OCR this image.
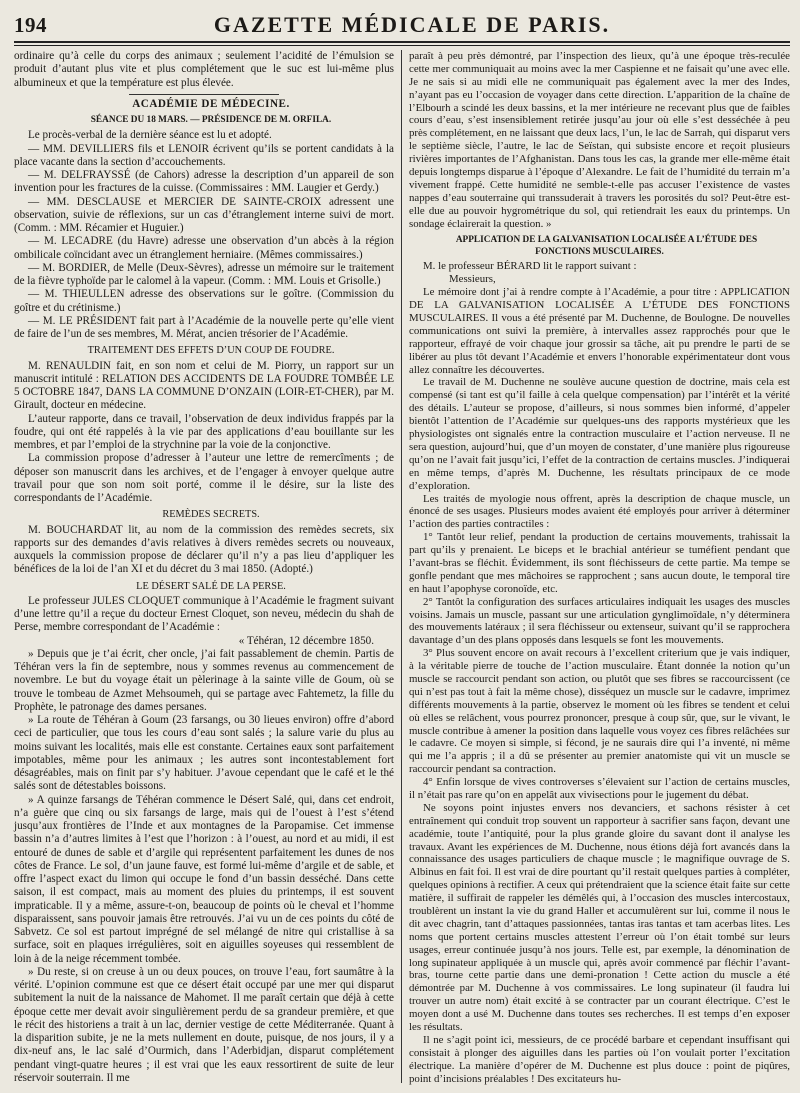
194	GAZETTE MÉDICALE DE PARIS.

ordinaire qu’à celle du corps des animaux ; seulement l’acidité de l’émulsion se produit d’autant plus vite et plus complétement que le suc est lui-même plus albumineux et que la température est plus élevée.

ACADÉMIE DE MÉDECINE.

SÉANCE DU 18 MARS. — PRÉSIDENCE DE M. ORFILA.

Le procès-verbal de la dernière séance est lu et adopté.

— MM. DEVILLIERS fils et LENOIR écrivent qu’ils se portent candidats à la place vacante dans la section d’accouchements.

— M. DELFRAYSSÉ (de Cahors) adresse la description d’un appareil de son invention pour les fractures de la cuisse. (Commissaires : MM. Laugier et Gerdy.)

— MM. DESCLAUSE et MERCIER DE SAINTE-CROIX adressent une observation, suivie de réflexions, sur un cas d’étranglement interne suivi de mort. (Comm. : MM. Récamier et Huguier.)

— M. LECADRE (du Havre) adresse une observation d’un abcès à la région ombilicale coïncidant avec un étranglement herniaire. (Mêmes commissaires.)

— M. BORDIER, de Melle (Deux-Sèvres), adresse un mémoire sur le traitement de la fièvre typhoïde par le calomel à la vapeur. (Comm. : MM. Louis et Grisolle.)

— M. THIEULLEN adresse des observations sur le goître. (Commission du goître et du crétinisme.)

— M. LE PRÉSIDENT fait part à l’Académie de la nouvelle perte qu’elle vient de faire de l’un de ses membres, M. Mérat, ancien trésorier de l’Académie.

TRAITEMENT DES EFFETS D’UN COUP DE FOUDRE.

M. RENAULDIN fait, en son nom et celui de M. Piorry, un rapport sur un manuscrit intitulé : RELATION DES ACCIDENTS DE LA FOUDRE TOMBÉE LE 5 OCTOBRE 1847, DANS LA COMMUNE D’ONZAIN (LOIR-ET-CHER), par M. Girault, docteur en médecine.

L’auteur rapporte, dans ce travail, l’observation de deux individus frappés par la foudre, qui ont été rappelés à la vie par des applications d’eau bouillante sur les membres, et par l’emploi de la strychnine par la voie de la conjonctive.

La commission propose d’adresser à l’auteur une lettre de remercîments ; de déposer son manuscrit dans les archives, et de l’engager à envoyer quelque autre travail pour que son nom soit porté, comme il le désire, sur la liste des correspondants de l’Académie.

REMÈDES SECRETS.

M. BOUCHARDAT lit, au nom de la commission des remèdes secrets, six rapports sur des demandes d’avis relatives à divers remèdes secrets ou nouveaux, auxquels la commission propose de déclarer qu’il n’y a pas lieu d’appliquer les bénéfices de la loi de l’an XI et du décret du 3 mai 1850. (Adopté.)

LE DÉSERT SALÉ DE LA PERSE.

Le professeur JULES CLOQUET communique à l’Académie le fragment suivant d’une lettre qu’il a reçue du docteur Ernest Cloquet, son neveu, médecin du shah de Perse, membre correspondant de l’Académie :

« Téhéran, 12 décembre 1850.

» Depuis que je t’ai écrit, cher oncle, j’ai fait passablement de chemin. Partis de Téhéran vers la fin de septembre, nous y sommes revenus au commencement de novembre. Le but du voyage était un pèlerinage à la sainte ville de Goum, où se trouve le tombeau de Azmet Mehsoumeh, qui se partage avec Fahtemetz, la fille du Prophète, le patronage des dames persanes.

» La route de Téhéran à Goum (23 farsangs, ou 30 lieues environ) offre d’abord ceci de particulier, que tous les cours d’eau sont salés ; la salure varie du plus au moins suivant les localités, mais elle est constante. Certaines eaux sont parfaitement impotables, même pour les animaux ; les autres sont incontestablement fort désagréables, mais on finit par s’y habituer. J’avoue cependant que le café et le thé salés sont de détestables boissons.

» A quinze farsangs de Téhéran commence le Désert Salé, qui, dans cet endroit, n’a guère que cinq ou six farsangs de large, mais qui de l’ouest à l’est s’étend jusqu’aux frontières de l’Inde et aux montagnes de la Paropamise. Cet immense bassin n’a d’autres limites à l’est que l’horizon : à l’ouest, au nord et au midi, il est entouré de dunes de sable et d’argile qui représentent parfaitement les dunes de nos côtes de France. Le sol, d’un jaune fauve, est formé lui-même d’argile et de sable, et offre l’aspect exact du limon qui occupe le fond d’un bassin desséché. Dans cette saison, il est compact, mais au moment des pluies du printemps, il est souvent impraticable. Il y a même, assure-t-on, beaucoup de points où le cheval et l’homme disparaissent, sans pouvoir jamais être retrouvés. J’ai vu un de ces points du côté de Sabvetz. Ce sol est partout imprégné de sel mélangé de nitre qui cristallise à sa surface, soit en plaques irrégulières, soit en aiguilles soyeuses qui ressemblent de loin à de la neige récemment tombée.

» Du reste, si on creuse à un ou deux pouces, on trouve l’eau, fort saumâtre à la vérité. L’opinion commune est que ce désert était occupé par une mer qui disparut subitement la nuit de la naissance de Mahomet. Il me paraît certain que déjà à cette époque cette mer devait avoir singulièrement perdu de sa grandeur première, et que le récit des historiens a trait à un lac, dernier vestige de cette Méditerranée. Quant à la disparition subite, je ne la mets nullement en doute, puisque, de nos jours, il y a dix-neuf ans, le lac salé d’Ourmich, dans l’Aderbidjan, disparut complétement pendant vingt-quatre heures ; il est vrai que les eaux ressortirent de suite de leur réservoir souterrain. Il me

paraît à peu près démontré, par l’inspection des lieux, qu’à une époque très-reculée cette mer communiquait au moins avec la mer Caspienne et ne faisait qu’une avec elle. Je ne sais si au midi elle ne communiquait pas également avec la mer des Indes, n’ayant pas eu l’occasion de voyager dans cette direction. L’apparition de la chaîne de l’Elbourh a scindé les deux bassins, et la mer intérieure ne recevant plus que de faibles cours d’eau, s’est insensiblement retirée jusqu’au jour où elle s’est desséchée à peu près complétement, en ne laissant que deux lacs, l’un, le lac de Sarrah, qui disparut vers le septième siècle, l’autre, le lac de Seïstan, qui subsiste encore et reçoit plusieurs rivières importantes de l’Afghanistan. Dans tous les cas, la grande mer elle-même était depuis longtemps disparue à l’époque d’Alexandre. Le fait de l’humidité du terrain m’a vivement frappé. Cette humidité ne semble-t-elle pas accuser l’existence de vastes nappes d’eau souterraine qui transsuderait à travers les porosités du sol? Peut-être est-elle due au pouvoir hygrométrique du sol, qui retiendrait les eaux du printemps. Un sondage éclairerait la question. »

APPLICATION DE LA GALVANISATION LOCALISÉE A L’ÉTUDE DES FONCTIONS MUSCULAIRES.

M. le professeur BÉRARD lit le rapport suivant :

Messieurs,

Le mémoire dont j’ai à rendre compte à l’Académie, a pour titre : APPLICATION DE LA GALVANISATION LOCALISÉE A L’ÉTUDE DES FONCTIONS MUSCULAIRES. Il vous a été présenté par M. Duchenne, de Boulogne. De nouvelles communications ont suivi la première, à intervalles assez rapprochés pour que le rapporteur, effrayé de voir chaque jour grossir sa tâche, ait pu prendre le parti de se libérer au plus tôt devant l’Académie et envers l’honorable expérimentateur dont vous allez connaître les découvertes.

Le travail de M. Duchenne ne soulève aucune question de doctrine, mais cela est compensé (si tant est qu’il faille à cela quelque compensation) par l’intérêt et la vérité des détails. L’auteur se propose, d’ailleurs, si nous sommes bien informé, d’appeler bientôt l’attention de l’Académie sur quelques-uns des rapports mystérieux que les physiologistes ont signalés entre la contraction musculaire et l’action nerveuse. Il ne sera question, aujourd’hui, que d’un moyen de constater, d’une manière plus rigoureuse qu’on ne l’avait fait jusqu’ici, l’effet de la contraction de certains muscles. J’indiquerai en même temps, d’après M. Duchenne, les résultats principaux de ce mode d’exploration.

Les traités de myologie nous offrent, après la description de chaque muscle, un énoncé de ses usages. Plusieurs modes avaient été employés pour arriver à déterminer l’action des parties contractiles :

1° Tantôt leur relief, pendant la production de certains mouvements, trahissait la part qu’ils y prenaient. Le biceps et le brachial antérieur se tuméfient pendant que l’avant-bras se fléchit. Évidemment, ils sont fléchisseurs de cette partie. Ma tempe se gonfle pendant que mes mâchoires se rapprochent ; sans aucun doute, le temporal tire en haut l’apophyse coronoïde, etc.

2° Tantôt la configuration des surfaces articulaires indiquait les usages des muscles voisins. Jamais un muscle, passant sur une articulation gynglimoïdale, n’y déterminera des mouvements latéraux ; il sera fléchisseur ou extenseur, suivant qu’il se rapprochera davantage d’un des plans opposés dans lesquels se font les mouvements.

3° Plus souvent encore on avait recours à l’excellent criterium que je vais indiquer, à la véritable pierre de touche de l’action musculaire. Étant donnée la notion qu’un muscle se raccourcit pendant son action, ou plutôt que ses fibres se raccourcissent (ce qui n’est pas tout à fait la même chose), disséquez un muscle sur le cadavre, imprimez différents mouvements à la partie, observez le moment où les fibres se tendent et celui où elles se relâchent, vous pourrez prononcer, presque à coup sûr, que, sur le vivant, le muscle contribue à amener la position dans laquelle vous voyez ces fibres relâchées sur le cadavre. Ce moyen si simple, si fécond, je ne saurais dire qui l’a inventé, ni même qui me l’a appris ; il a dû se présenter au premier anatomiste qui vit un muscle se raccourcir pendant sa contraction.

4° Enfin lorsque de vives controverses s’élevaient sur l’action de certains muscles, il n’était pas rare qu’on en appelât aux vivisections pour le jugement du débat.

Ne soyons point injustes envers nos devanciers, et sachons résister à cet entraînement qui conduit trop souvent un rapporteur à sacrifier sans façon, devant une académie, toute l’antiquité, pour la plus grande gloire du savant dont il analyse les travaux. Avant les expériences de M. Duchenne, nous étions déjà fort avancés dans la connaissance des usages particuliers de chaque muscle ; le magnifique ouvrage de S. Albinus en fait foi. Il est vrai de dire pourtant qu’il restait quelques parties à compléter, quelques opinions à rectifier. A ceux qui prétendraient que la science était faite sur cette matière, il suffirait de rappeler les démêlés qui, à l’occasion des muscles intercostaux, troublèrent un instant la vie du grand Haller et accumulèrent sur lui, comme il nous le dit avec chagrin, tant d’attaques passionnées, tantas iras tantas et tam acerbas lites. Les noms que portent certains muscles attestent l’erreur où l’on était tombé sur leurs usages, erreur continuée jusqu’à nos jours. Telle est, par exemple, la dénomination de long supinateur appliquée à un muscle qui, après avoir commencé par fléchir l’avant-bras, tourne cette partie dans une demi-pronation ! Cette action du muscle a été démontrée par M. Duchenne à vos commissaires. Le long supinateur (il faudra lui trouver un autre nom) était excité à se contracter par un courant électrique. C’est le moyen dont a usé M. Duchenne dans toutes ses recherches. Il est temps d’en exposer les résultats.

Il ne s’agit point ici, messieurs, de ce procédé barbare et cependant insuffisant qui consistait à plonger des aiguilles dans les parties où l’on voulait porter l’excitation électrique. La manière d’opérer de M. Duchenne est plus douce : point de piqûres, point d’incisions préalables ! Des excitateurs hu-
